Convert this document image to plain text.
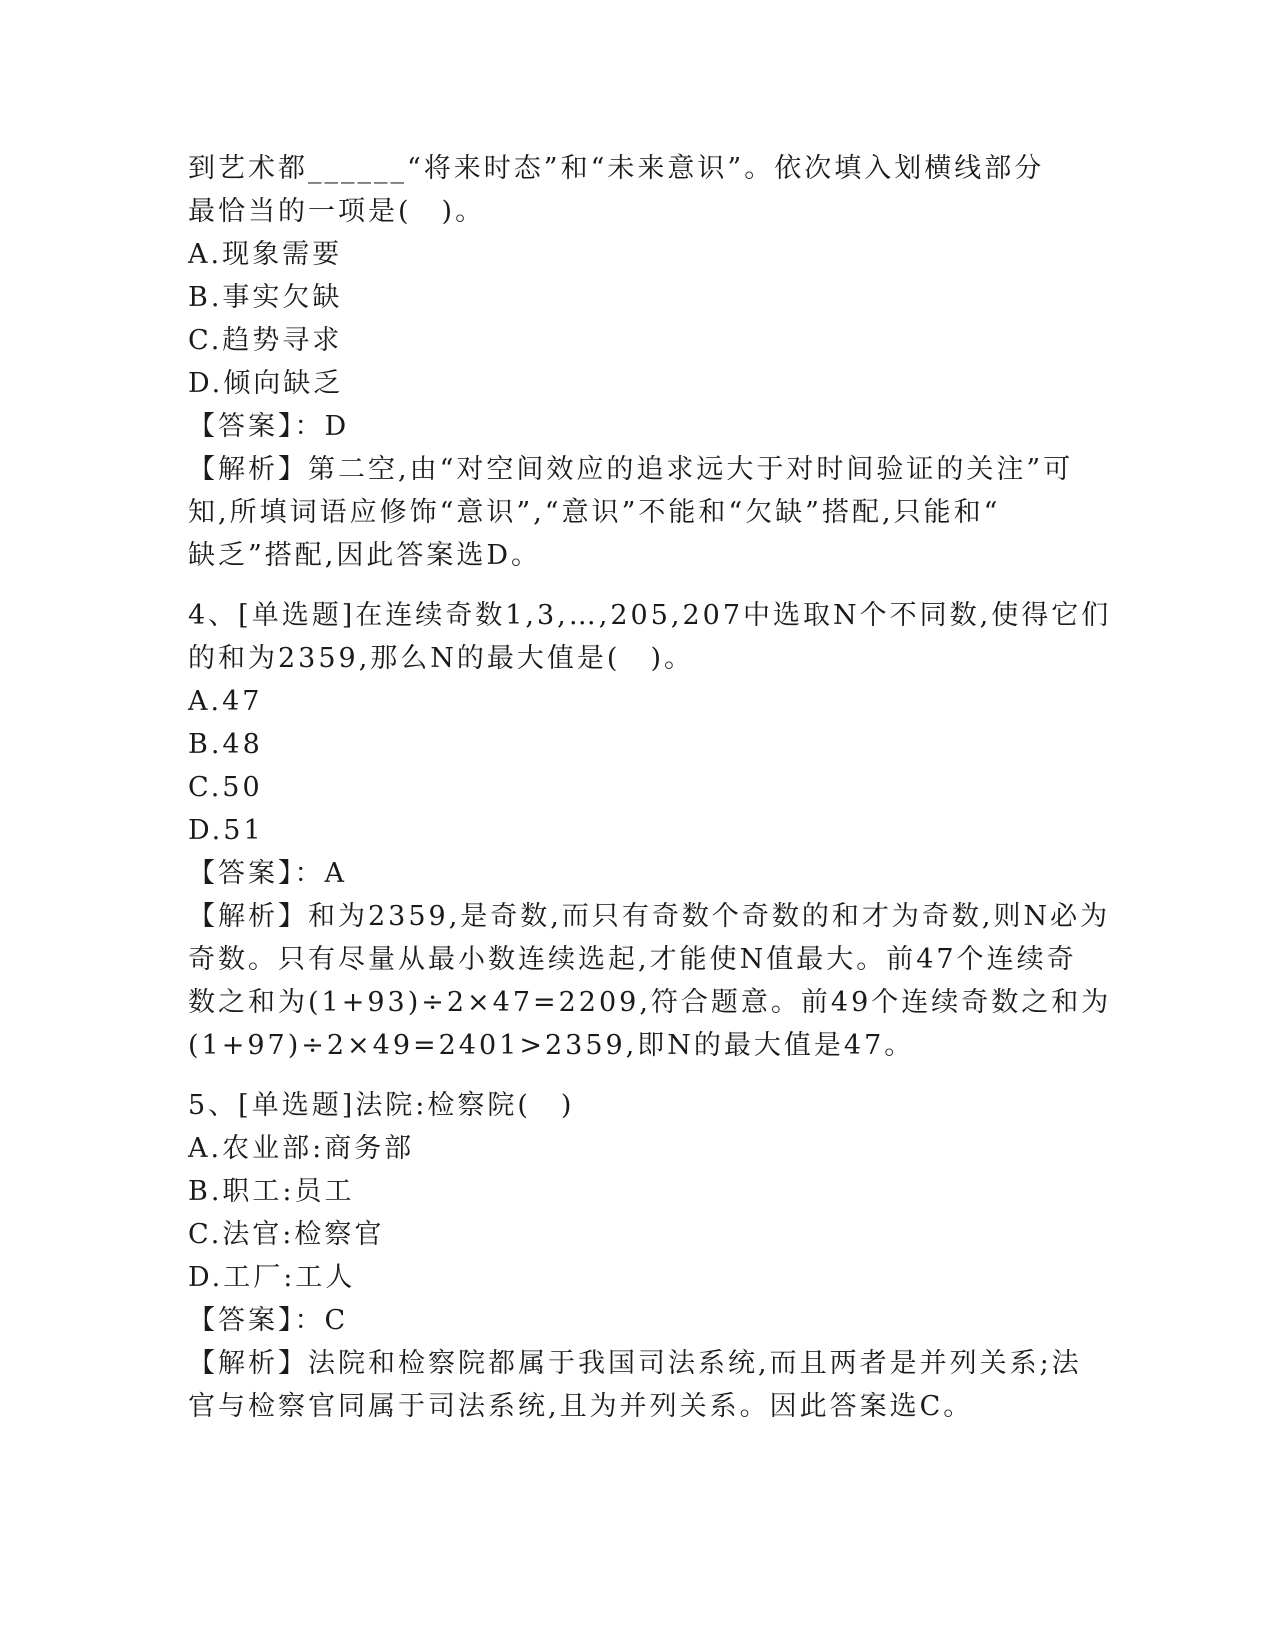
到艺术都______“将来时态”和“未来意识”。依次填入划横线部分
最恰当的一项是(　)。
A.现象需要
B.事实欠缺
C.趋势寻求
D.倾向缺乏
【答案】：D
【解析】第二空,由“对空间效应的追求远大于对时间验证的关注”可
知,所填词语应修饰“意识”,“意识”不能和“欠缺”搭配,只能和“
缺乏”搭配,因此答案选D。
4、[单选题]在连续奇数1,3,…,205,207中选取N个不同数,使得它们
的和为2359,那么N的最大值是(　)。
A.47
B.48
C.50
D.51
【答案】：A
【解析】和为2359,是奇数,而只有奇数个奇数的和才为奇数,则N必为
奇数。只有尽量从最小数连续选起,才能使N值最大。前47个连续奇
数之和为(1+93)÷2×47=2209,符合题意。前49个连续奇数之和为
(1+97)÷2×49=2401>2359,即N的最大值是47。
5、[单选题]法院:检察院(　)
A.农业部:商务部
B.职工:员工
C.法官:检察官
D.工厂:工人
【答案】：C
【解析】法院和检察院都属于我国司法系统,而且两者是并列关系;法
官与检察官同属于司法系统,且为并列关系。因此答案选C。
